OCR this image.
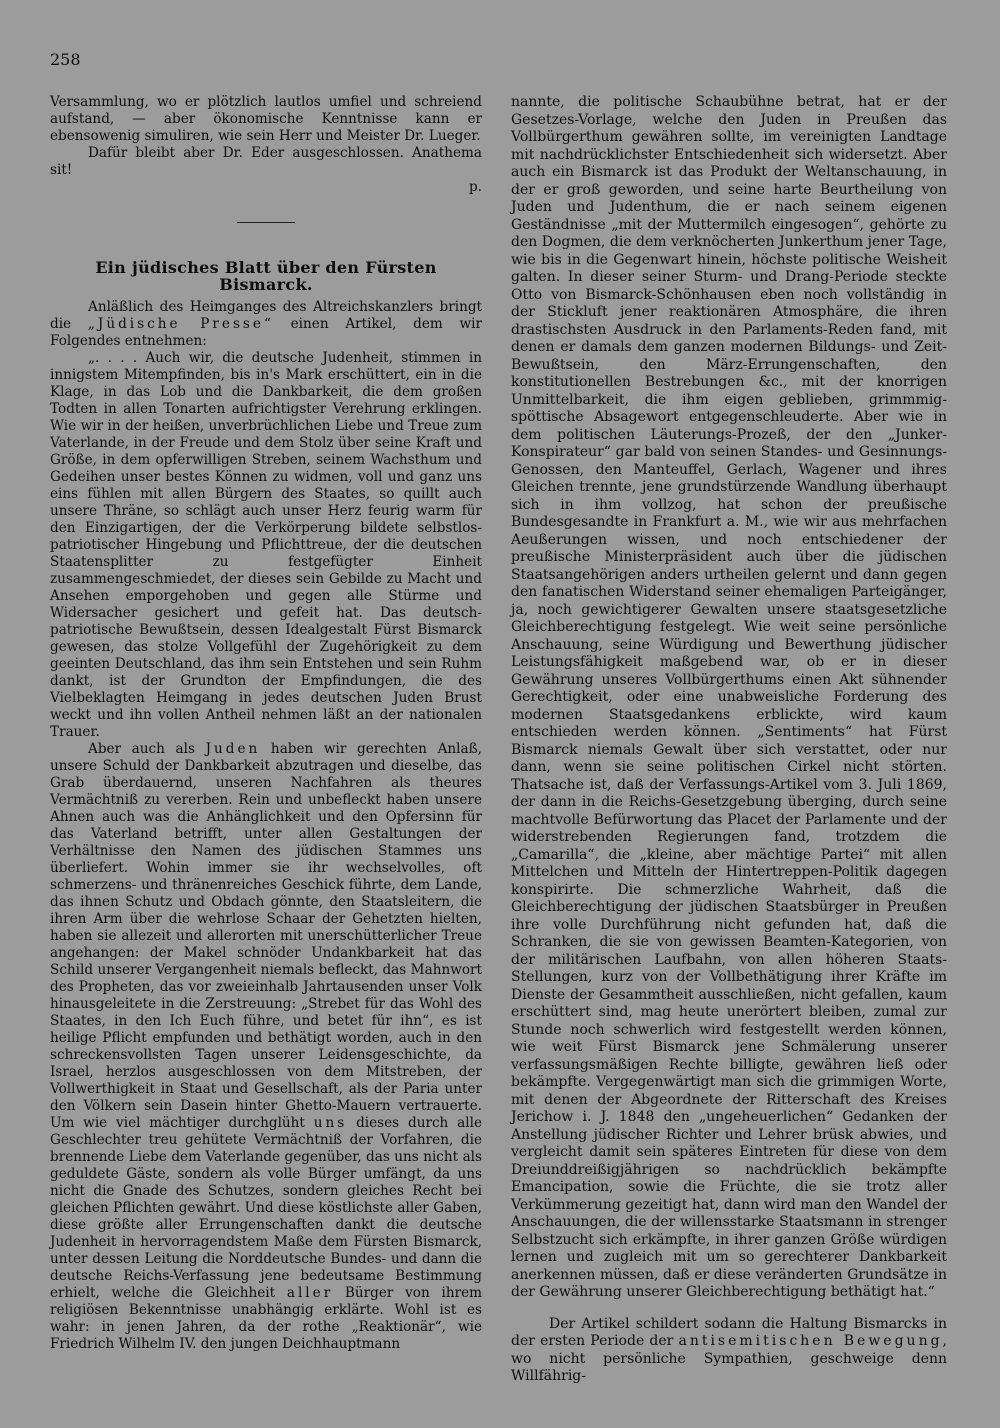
258

Versammlung, wo er plötzlich lautlos umfiel und schreiend aufstand, — aber ökonomische Kenntnisse kann er ebensowenig simuliren, wie sein Herr und Meister Dr. Lueger.

Dafür bleibt aber Dr. Eder ausgeschlossen. Anathema sit!

p.

Ein jüdisches Blatt über den Fürsten Bismarck.

Anläßlich des Heimganges des Altreichskanzlers bringt die „Jüdische Presse“ einen Artikel, dem wir Folgendes entnehmen:

„. . . . Auch wir, die deutsche Judenheit, stimmen in innigstem Mitempfinden, bis in's Mark erschüttert, ein in die Klage, in das Lob und die Dankbarkeit, die dem großen Todten in allen Tonarten aufrichtigster Verehrung erklingen. Wie wir in der heißen, unverbrüchlichen Liebe und Treue zum Vaterlande, in der Freude und dem Stolz über seine Kraft und Größe, in dem opferwilligen Streben, seinem Wachsthum und Gedeihen unser bestes Können zu widmen, voll und ganz uns eins fühlen mit allen Bürgern des Staates, so quillt auch unsere Thräne, so schlägt auch unser Herz feurig warm für den Einzigartigen, der die Verkörperung bildete selbstlos-patriotischer Hingebung und Pflichttreue, der die deutschen Staatensplitter zu festgefügter Einheit zusammengeschmiedet, der dieses sein Gebilde zu Macht und Ansehen emporgehoben und gegen alle Stürme und Widersacher gesichert und gefeit hat. Das deutsch-patriotische Bewußtsein, dessen Idealgestalt Fürst Bismarck gewesen, das stolze Vollgefühl der Zugehörigkeit zu dem geeinten Deutschland, das ihm sein Entstehen und sein Ruhm dankt, ist der Grundton der Empfindungen, die des Vielbeklagten Heimgang in jedes deutschen Juden Brust weckt und ihn vollen Antheil nehmen läßt an der nationalen Trauer.

Aber auch als Juden haben wir gerechten Anlaß, unsere Schuld der Dankbarkeit abzutragen und dieselbe, das Grab überdauernd, unseren Nachfahren als theures Vermächtniß zu vererben. Rein und unbefleckt haben unsere Ahnen auch was die Anhänglichkeit und den Opfersinn für das Vaterland betrifft, unter allen Gestaltungen der Verhältnisse den Namen des jüdischen Stammes uns überliefert. Wohin immer sie ihr wechselvolles, oft schmerzens- und thränenreiches Geschick führte, dem Lande, das ihnen Schutz und Obdach gönnte, den Staatsleitern, die ihren Arm über die wehrlose Schaar der Gehetzten hielten, haben sie allezeit und allerorten mit unerschütterlicher Treue angehangen: der Makel schnöder Undankbarkeit hat das Schild unserer Vergangenheit niemals befleckt, das Mahnwort des Propheten, das vor zweieinhalb Jahrtausenden unser Volk hinausgeleitete in die Zerstreuung: „Strebet für das Wohl des Staates, in den Ich Euch führe, und betet für ihn“, es ist heilige Pflicht empfunden und bethätigt worden, auch in den schreckensvollsten Tagen unserer Leidensgeschichte, da Israel, herzlos ausgeschlossen von dem Mitstreben, der Vollwerthigkeit in Staat und Gesellschaft, als der Paria unter den Völkern sein Dasein hinter Ghetto-Mauern vertrauerte. Um wie viel mächtiger durchglüht uns dieses durch alle Geschlechter treu gehütete Vermächtniß der Vorfahren, die brennende Liebe dem Vaterlande gegenüber, das uns nicht als geduldete Gäste, sondern als volle Bürger umfängt, da uns nicht die Gnade des Schutzes, sondern gleiches Recht bei gleichen Pflichten gewährt. Und diese köstlichste aller Gaben, diese größte aller Errungenschaften dankt die deutsche Judenheit in hervorragendstem Maße dem Fürsten Bismarck, unter dessen Leitung die Norddeutsche Bundes- und dann die deutsche Reichs-Verfassung jene bedeutsame Bestimmung erhielt, welche die Gleichheit aller Bürger von ihrem religiösen Bekenntnisse unabhängig erklärte. Wohl ist es wahr: in jenen Jahren, da der rothe „Reaktionär“, wie Friedrich Wilhelm IV. den jungen Deichhauptmann

nannte, die politische Schaubühne betrat, hat er der Gesetzes-Vorlage, welche den Juden in Preußen das Vollbürgerthum gewähren sollte, im vereinigten Landtage mit nachdrücklichster Entschiedenheit sich widersetzt. Aber auch ein Bismarck ist das Produkt der Weltanschauung, in der er groß geworden, und seine harte Beurtheilung von Juden und Judenthum, die er nach seinem eigenen Geständnisse „mit der Muttermilch eingesogen“, gehörte zu den Dogmen, die dem verknöcherten Junkerthum jener Tage, wie bis in die Gegenwart hinein, höchste politische Weisheit galten. In dieser seiner Sturm- und Drang-Periode steckte Otto von Bismarck-Schönhausen eben noch vollständig in der Stickluft jener reaktionären Atmosphäre, die ihren drastischsten Ausdruck in den Parlaments-Reden fand, mit denen er damals dem ganzen modernen Bildungs- und Zeit-Bewußtsein, den März-Errungenschaften, den konstitutionellen Bestrebungen &c., mit der knorrigen Unmittelbarkeit, die ihm eigen geblieben, grimmmig-spöttische Absagewort entgegenschleuderte. Aber wie in dem politischen Läuterungs-Prozeß, der den „Junker-Konspirateur“ gar bald von seinen Standes- und Gesinnungs-Genossen, den Manteuffel, Gerlach, Wagener und ihres Gleichen trennte, jene grundstürzende Wandlung überhaupt sich in ihm vollzog, hat schon der preußische Bundesgesandte in Frankfurt a. M., wie wir aus mehrfachen Aeußerungen wissen, und noch entschiedener der preußische Ministerpräsident auch über die jüdischen Staatsangehörigen anders urtheilen gelernt und dann gegen den fanatischen Widerstand seiner ehemaligen Parteigänger, ja, noch gewichtigerer Gewalten unsere staatsgesetzliche Gleichberechtigung festgelegt. Wie weit seine persönliche Anschauung, seine Würdigung und Bewerthung jüdischer Leistungsfähigkeit maßgebend war, ob er in dieser Gewährung unseres Vollbürgerthums einen Akt sühnender Gerechtigkeit, oder eine unabweisliche Forderung des modernen Staatsgedankens erblickte, wird kaum entschieden werden können. „Sentiments“ hat Fürst Bismarck niemals Gewalt über sich verstattet, oder nur dann, wenn sie seine politischen Cirkel nicht störten. Thatsache ist, daß der Verfassungs-Artikel vom 3. Juli 1869, der dann in die Reichs-Gesetzgebung überging, durch seine machtvolle Befürwortung das Placet der Parlamente und der widerstrebenden Regierungen fand, trotzdem die „Camarilla“, die „kleine, aber mächtige Partei“ mit allen Mittelchen und Mitteln der Hintertreppen-Politik dagegen konspirirte. Die schmerzliche Wahrheit, daß die Gleichberechtigung der jüdischen Staatsbürger in Preußen ihre volle Durchführung nicht gefunden hat, daß die Schranken, die sie von gewissen Beamten-Kategorien, von der militärischen Laufbahn, von allen höheren Staats-Stellungen, kurz von der Vollbethätigung ihrer Kräfte im Dienste der Gesammtheit ausschließen, nicht gefallen, kaum erschüttert sind, mag heute unerörtert bleiben, zumal zur Stunde noch schwerlich wird festgestellt werden können, wie weit Fürst Bismarck jene Schmälerung unserer verfassungsmäßigen Rechte billigte, gewähren ließ oder bekämpfte. Vergegenwärtigt man sich die grimmigen Worte, mit denen der Abgeordnete der Ritterschaft des Kreises Jerichow i. J. 1848 den „ungeheuerlichen“ Gedanken der Anstellung jüdischer Richter und Lehrer brüsk abwies, und vergleicht damit sein späteres Eintreten für diese von dem Dreiunddreißigjährigen so nachdrücklich bekämpfte Emancipation, sowie die Früchte, die sie trotz aller Verkümmerung gezeitigt hat, dann wird man den Wandel der Anschauungen, die der willensstarke Staatsmann in strenger Selbstzucht sich erkämpfte, in ihrer ganzen Größe würdigen lernen und zugleich mit um so gerechterer Dankbarkeit anerkennen müssen, daß er diese veränderten Grundsätze in der Gewährung unserer Gleichberechtigung bethätigt hat.“

Der Artikel schildert sodann die Haltung Bismarcks in der ersten Periode der antisemitischen Bewegung, wo nicht persönliche Sympathien, geschweige denn Willfährig-
